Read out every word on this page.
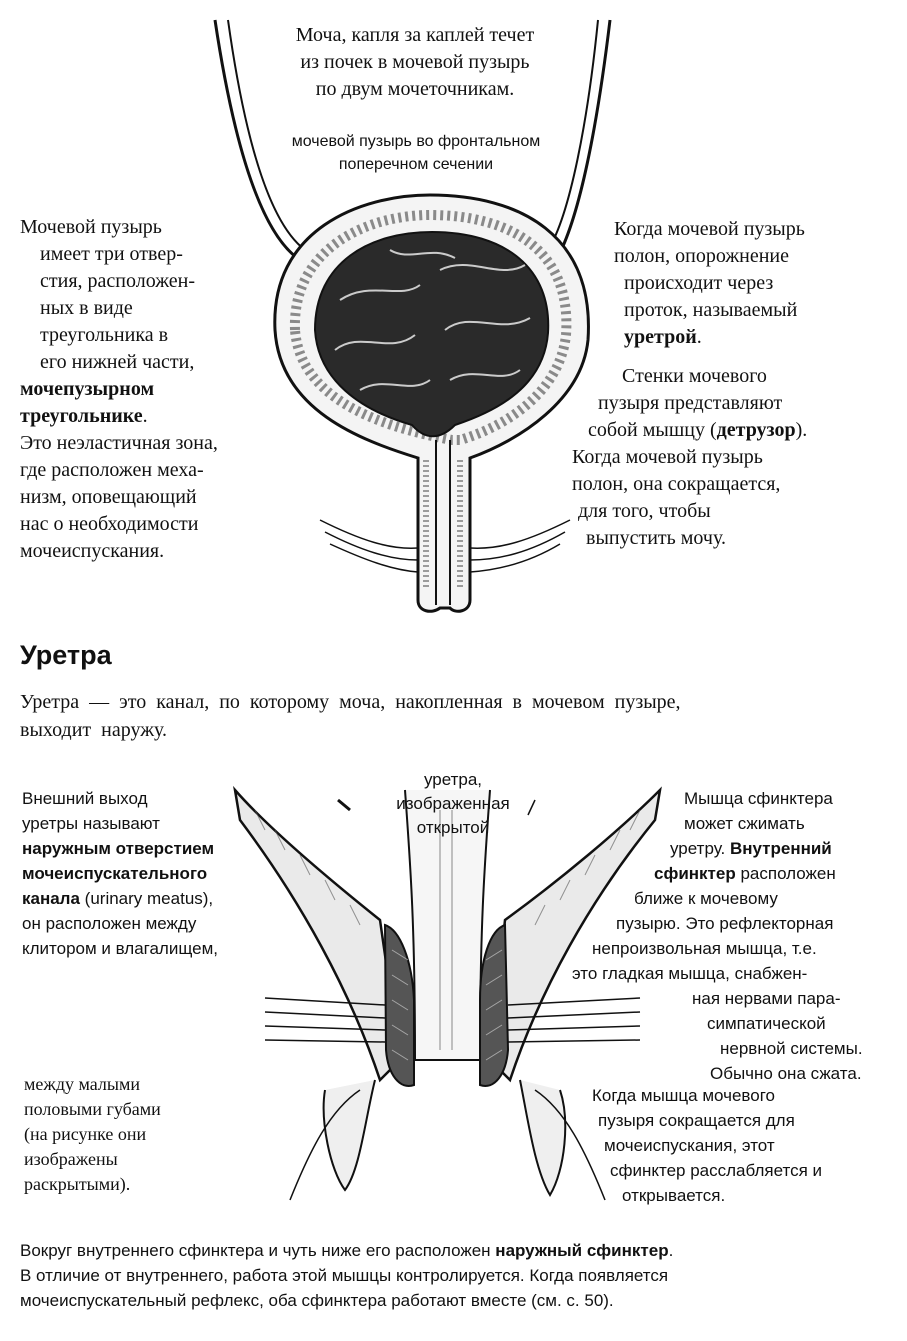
Моча, капля за каплей течет
из почек в мочевой пузырь
по двум мочеточникам.
мочевой пузырь во фронтальном
поперечном сечении
Мочевой пузырь
имеет три отвер-
стия, расположен-
ных в виде
треугольника в
его нижней части,
мочепузырном
треугольнике.
Это неэластичная зона,
где расположен меха-
низм, оповещающий
нас о необходимости
мочеиспускания.
Когда мочевой пузырь
полон, опорожнение
происходит через
проток, называемый
уретрой.
Стенки мочевого
пузыря представляют
собой мышцу (детрузор).
Когда мочевой пузырь
полон, она сокращается,
для того, чтобы
выпустить мочу.
Уретра
Уретра — это канал, по которому моча, накопленная в мочевом пузыре,
выходит наружу.
уретра,
изображенная
открытой
Внешний выход
уретры называют
наружным отверстием
мочеиспускательного
канала (urinary meatus),
он расположен между
клитором и влагалищем,
между малыми
половыми губами
(на рисунке они
изображены
раскрытыми).
Мышца сфинктера
может сжимать
уретру. Внутренний
сфинктер расположен
ближе к мочевому
пузырю. Это рефлекторная
непроизвольная мышца, т.е.
это гладкая мышца, снабжен-
ная нервами пара-
симпатической
нервной системы.
Обычно она сжата.
Когда мышца мочевого
пузыря сокращается для
мочеиспускания, этот
сфинктер расслабляется и
открывается.
Вокруг внутреннего сфинктера и чуть ниже его расположен наружный сфинктер.
В отличие от внутреннего, работа этой мышцы контролируется. Когда появляется
мочеиспускательный рефлекс, оба сфинктера работают вместе (см. с. 50).
